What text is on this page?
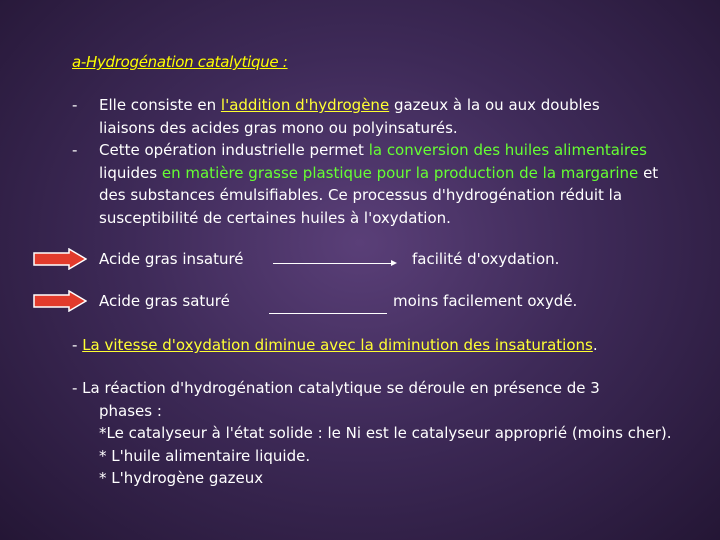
a-Hydrogénation catalytique :
- Elle consiste en l'addition d'hydrogène gazeux à la ou aux doubles
liaisons des acides gras mono ou polyinsaturés.
- Cette opération industrielle permet la conversion des huiles alimentaires
liquides en matière grasse plastique pour la production de la margarine et
des substances émulsifiables. Ce processus d'hydrogénation réduit la
susceptibilité de certaines huiles à l'oxydation.
Acide gras insaturé	facilité d'oxydation.
Acide gras saturé	moins facilement oxydé.
- La vitesse d'oxydation diminue avec la diminution des insaturations.
- La réaction d'hydrogénation catalytique se déroule en présence de 3
phases :
*Le catalyseur à l'état solide : le Ni est le catalyseur approprié (moins cher).
* L'huile alimentaire liquide.
* L'hydrogène gazeux
